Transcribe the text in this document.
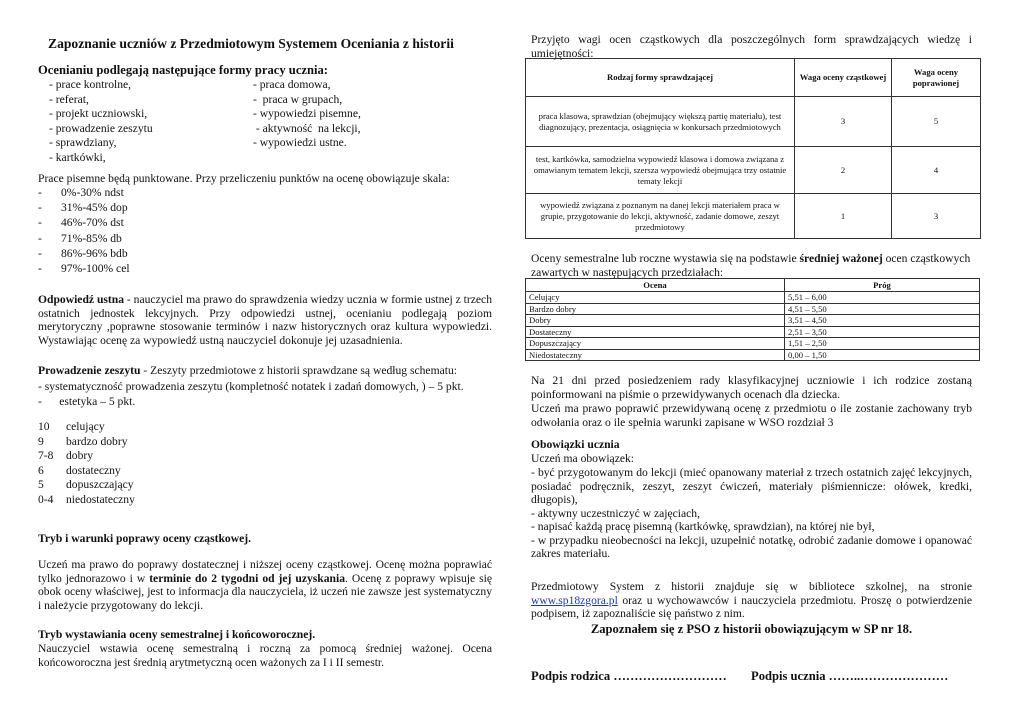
Zapoznanie uczniów z Przedmiotowym Systemem Oceniania z historii
Ocenianiu podlegają następujące formy pracy ucznia:
- prace kontrolne,	- praca domowa,
- referat,	-  praca w grupach,
- projekt uczniowski,	- wypowiedzi pisemne,
- prowadzenie zeszytu	- aktywność  na lekcji,
- sprawdziany,	- wypowiedzi ustne.
- kartkówki,
Prace pisemne będą punktowane. Przy przeliczeniu punktów na ocenę obowiązuje skala:
-	0%-30% ndst
-	31%-45% dop
-	46%-70% dst
-	71%-85% db
-	86%-96% bdb
-	97%-100% cel
Odpowiedź ustna - nauczyciel ma prawo do sprawdzenia wiedzy ucznia w formie ustnej z trzech ostatnich jednostek lekcyjnych. Przy odpowiedzi ustnej, ocenianiu podlegają poziom merytoryczny ,poprawne stosowanie terminów i nazw historycznych oraz kultura wypowiedzi. Wystawiając ocenę za wypowiedź ustną nauczyciel dokonuje jej uzasadnienia.
Prowadzenie zeszytu - Zeszyty przedmiotowe z historii sprawdzane są według schematu:
- systematyczność prowadzenia zeszytu (kompletność notatek i zadań domowych, ) – 5 pkt.
-      estetyka – 5 pkt.
10	celujący
9	bardzo dobry
7-8	dobry
6	dostateczny
5	dopuszczający
0-4	niedostateczny
Tryb i warunki poprawy oceny cząstkowej.
Uczeń ma prawo do poprawy dostatecznej i niższej oceny cząstkowej. Ocenę można poprawiać tylko jednorazowo i w terminie do 2 tygodni od jej uzyskania. Ocenę z poprawy wpisuje się obok oceny właściwej, jest to informacja dla nauczyciela, iż uczeń nie zawsze jest systematyczny i należycie przygotowany do lekcji.
Tryb wystawiania oceny semestralnej i końcoworocznej.
Nauczyciel wstawia ocenę semestralną i roczną za pomocą średniej ważonej. Ocena końcoworoczna jest średnią arytmetyczną ocen ważonych za I i II semestr.
Przyjęto wagi ocen cząstkowych dla poszczególnych form sprawdzających wiedzę i umiejętności:
Rodzaj formy sprawdzającej	Waga oceny cząstkowej	Waga oceny poprawionej
praca klasowa, sprawdzian (obejmujący większą partię materiału), test diagnozujący, prezentacja, osiągnięcia w konkursach przedmiotowych	3	5
test, kartkówka, samodzielna wypowiedź klasowa i domowa związana z omawianym tematem lekcji, szersza wypowiedź obejmująca trzy ostatnie tematy lekcji	2	4
wypowiedź związana z poznanym na danej lekcji materiałem praca w grupie, przygotowanie do lekcji, aktywność, zadanie domowe, zeszyt przedmiotowy	1	3
Oceny semestralne lub roczne wystawia się na podstawie średniej ważonej ocen cząstkowych zawartych w następujących przedziałach:
Ocena	Próg
Celujący	5,51 – 6,00
Bardzo dobry	4,51 – 5,50
Dobry	3,51 – 4,50
Dostateczny	2,51 – 3,50
Dopuszczający	1,51 – 2,50
Niedostateczny	0,00 – 1,50
Na 21 dni przed posiedzeniem rady klasyfikacyjnej uczniowie i ich rodzice zostaną poinformowani na piśmie o przewidywanych ocenach dla dziecka.
Uczeń ma prawo poprawić przewidywaną ocenę z przedmiotu o ile zostanie zachowany tryb odwołania oraz o ile spełnia warunki zapisane w WSO rozdział 3
Obowiązki ucznia
Uczeń ma obowiązek:
- być przygotowanym do lekcji (mieć opanowany materiał z trzech ostatnich zajęć lekcyjnych, posiadać podręcznik, zeszyt, zeszyt ćwiczeń, materiały piśmiennicze: ołówek, kredki, długopis),
- aktywny uczestniczyć w zajęciach,
- napisać każdą pracę pisemną (kartkówkę, sprawdzian), na której nie był,
- w przypadku nieobecności na lekcji, uzupełnić notatkę, odrobić zadanie domowe i opanować zakres materiału.
Przedmiotowy System z historii znajduje się w bibliotece szkolnej, na stronie www.sp18zgora.pl oraz u wychowawców i nauczyciela przedmiotu. Proszę o potwierdzenie podpisem, iż zapoznaliście się państwo z nim.
Zapoznałem się z PSO z historii obowiązującym w SP nr 18.
Podpis rodzica ……………………… Podpis ucznia ……..…………………
